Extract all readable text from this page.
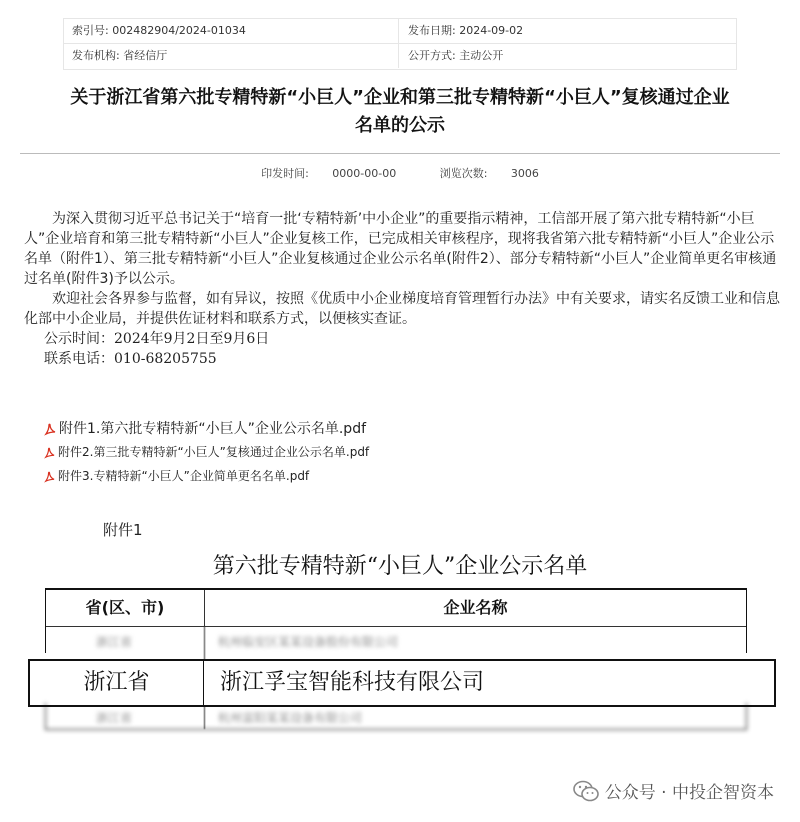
索引号: 002482904/2024-01034	发布日期: 2024-09-02
发布机构: 省经信厅	公开方式: 主动公开
关于浙江省第六批专精特新“小巨人”企业和第三批专精特新“小巨人”复核通过企业
名单的公示
印发时间: 0000-00-00	浏览次数: 3006

为深入贯彻习近平总书记关于“培育一批‘专精特新’中小企业”的重要指示精神，工信部开展了第六批专精特新“小巨人”企业培育和第三批专精特新“小巨人”企业复核工作，已完成相关审核程序，现将我省第六批专精特新“小巨人”企业公示名单（附件1）、第三批专精特新“小巨人”企业复核通过企业公示名单(附件2）、部分专精特新“小巨人”企业简单更名审核通过名单(附件3)予以公示。

欢迎社会各界参与监督，如有异议，按照《优质中小企业梯度培育管理暂行办法》中有关要求，请实名反馈工业和信息化部中小企业局，并提供佐证材料和联系方式，以便核实查证。

公示时间：2024年9月2日至9月6日

联系电话：010-68205755

附件1.第六批专精特新“小巨人”企业公示名单.pdf
附件2.第三批专精特新“小巨人”复核通过企业公示名单.pdf
附件3.专精特新“小巨人”企业简单更名名单.pdf
附件1
第六批专精特新“小巨人”企业公示名单
省(区、市)	企业名称
浙江省	杭州临安区某某设备股份有限公司
浙江省	浙江孚宝智能科技有限公司
浙江省	杭州富阳某某设备有限公司
公众号 · 中投企智资本
